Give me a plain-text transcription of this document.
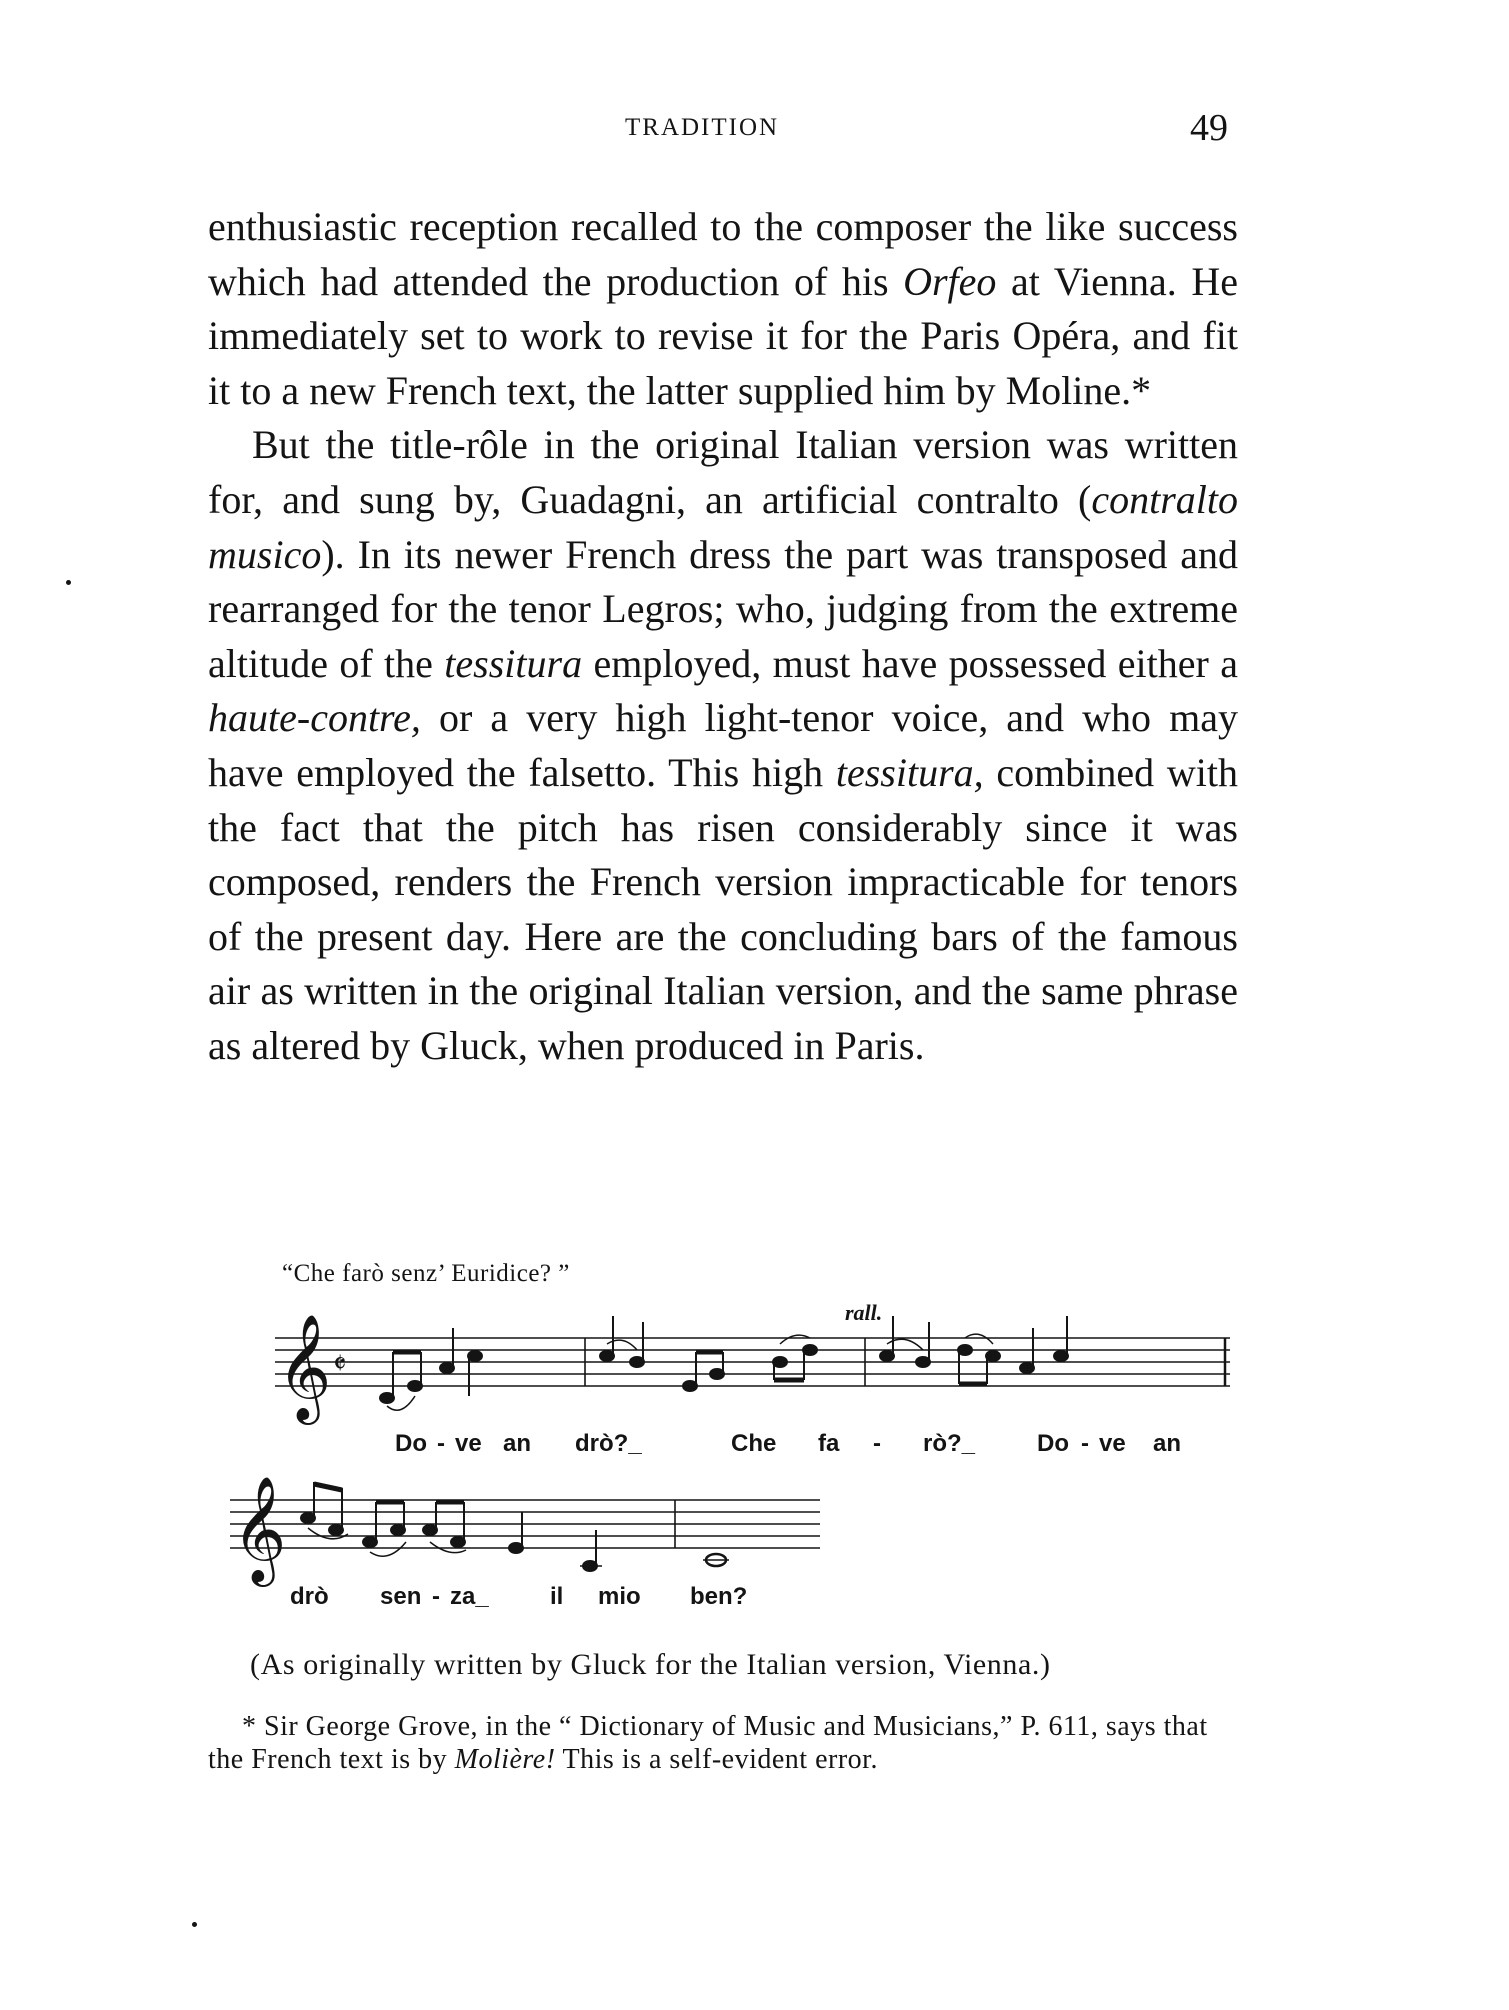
TRADITION	49

enthusiastic reception recalled to the composer the like success which had attended the production of his Orfeo at Vienna. He immediately set to work to revise it for the Paris Opéra, and fit it to a new French text, the latter supplied him by Moline.*

But the title-rôle in the original Italian version was written for, and sung by, Guadagni, an artificial contralto (contralto musico). In its newer French dress the part was transposed and rearranged for the tenor Legros; who, judging from the extreme altitude of the tessitura employed, must have possessed either a haute-contre, or a very high light-tenor voice, and who may have employed the falsetto. This high tessitura, combined with the fact that the pitch has risen considerably since it was composed, renders the French version impracticable for tenors of the present day. Here are the concluding bars of the famous air as written in the original Italian version, and the same phrase as altered by Gluck, when produced in Paris.

“Che farò senz’ Euridice? ”
𝄞 𝄵
rall.
Do - ve an drò?_	Che fa - rò?_	Do - ve an
𝄞
drò sen - za_	il mio ben?
(As originally written by Gluck for the Italian version, Vienna.)

* Sir George Grove, in the “ Dictionary of Music and Musicians,” P. 611, says that the French text is by Molière! This is a self-evident error.
